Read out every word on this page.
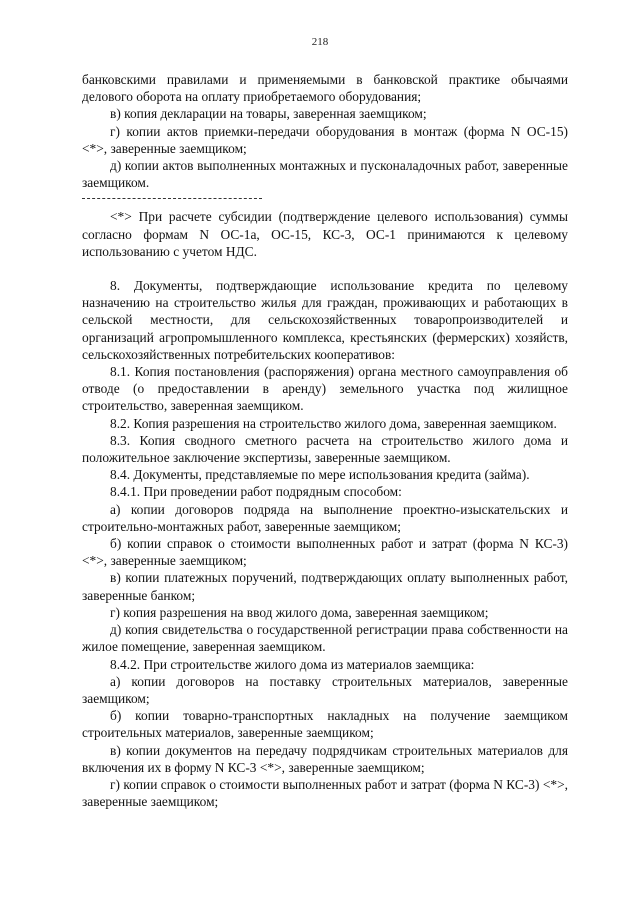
218

банковскими правилами и применяемыми в банковской практике обычаями делового оборота на оплату приобретаемого оборудования;

в) копия декларации на товары, заверенная заемщиком;

г) копии актов приемки-передачи оборудования в монтаж (форма N ОС-15) <*>, заверенные заемщиком;

д) копии актов выполненных монтажных и пусконаладочных работ, заверенные заемщиком.

<*> При расчете субсидии (подтверждение целевого использования) суммы согласно формам N ОС-1а, ОС-15, КС-3, ОС-1 принимаются к целевому использованию с учетом НДС.

8. Документы, подтверждающие использование кредита по целевому назначению на строительство жилья для граждан, проживающих и работающих в сельской местности, для сельскохозяйственных товаропроизводителей и организаций агропромышленного комплекса, крестьянских (фермерских) хозяйств, сельскохозяйственных потребительских кооперативов:

8.1. Копия постановления (распоряжения) органа местного самоуправления об отводе (о предоставлении в аренду) земельного участка под жилищное строительство, заверенная заемщиком.

8.2. Копия разрешения на строительство жилого дома, заверенная заемщиком.

8.3. Копия сводного сметного расчета на строительство жилого дома и положительное заключение экспертизы, заверенные заемщиком.

8.4. Документы, представляемые по мере использования кредита (займа).

8.4.1. При проведении работ подрядным способом:

а) копии договоров подряда на выполнение проектно-изыскательских и строительно-монтажных работ, заверенные заемщиком;

б) копии справок о стоимости выполненных работ и затрат (форма N КС-3) <*>, заверенные заемщиком;

в) копии платежных поручений, подтверждающих оплату выполненных работ, заверенные банком;

г) копия разрешения на ввод жилого дома, заверенная заемщиком;

д) копия свидетельства о государственной регистрации права собственности на жилое помещение, заверенная заемщиком.

8.4.2. При строительстве жилого дома из материалов заемщика:

а) копии договоров на поставку строительных материалов, заверенные заемщиком;

б) копии товарно-транспортных накладных на получение заемщиком строительных материалов, заверенные заемщиком;

в) копии документов на передачу подрядчикам строительных материалов для включения их в форму N КС-3 <*>, заверенные заемщиком;

г) копии справок о стоимости выполненных работ и затрат (форма N КС-3) <*>, заверенные заемщиком;
